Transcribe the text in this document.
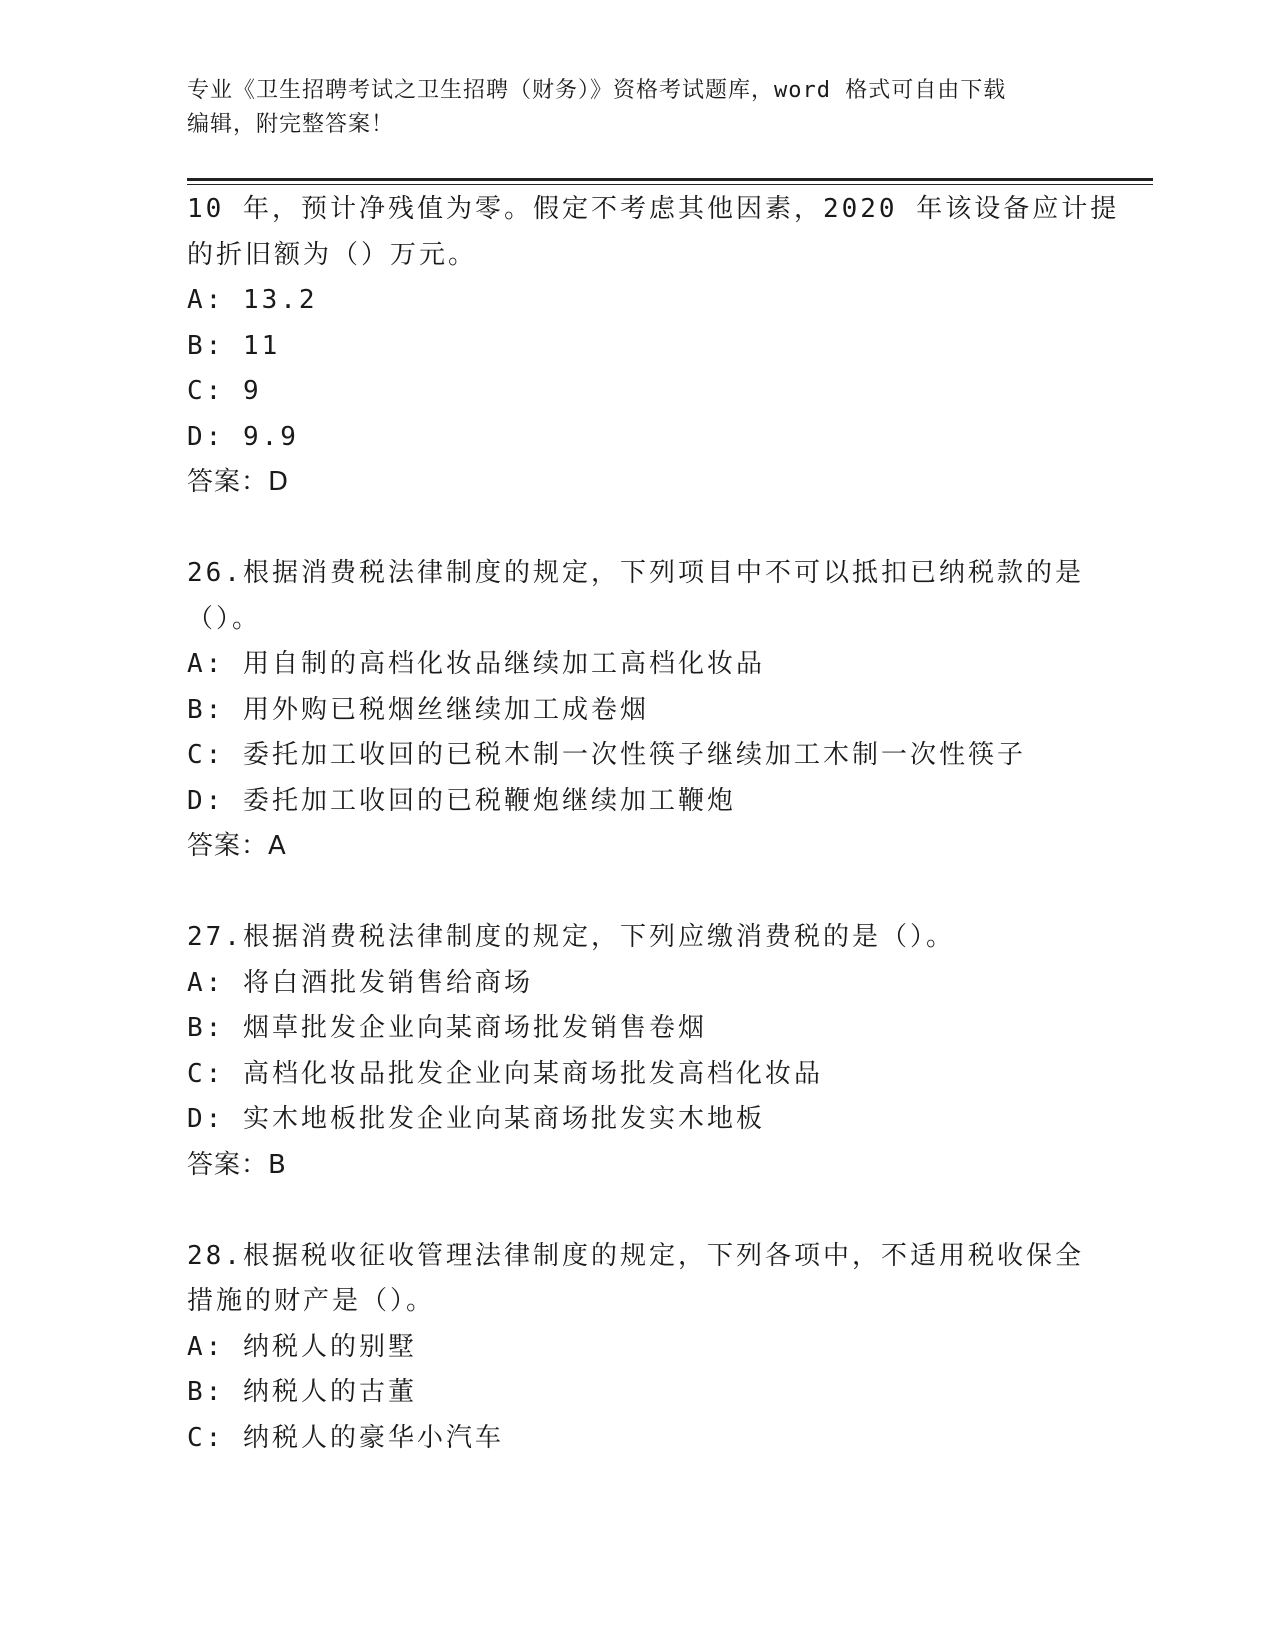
专业《卫生招聘考试之卫生招聘（财务）》资格考试题库，word 格式可自由下载
编辑，附完整答案！
10 年，预计净残值为零。假定不考虑其他因素，2020 年该设备应计提
的折旧额为（）万元。
A: 13.2
B: 11
C: 9
D: 9.9
答案：D
26.根据消费税法律制度的规定，下列项目中不可以抵扣已纳税款的是
（）。
A: 用自制的高档化妆品继续加工高档化妆品
B: 用外购已税烟丝继续加工成卷烟
C: 委托加工收回的已税木制一次性筷子继续加工木制一次性筷子
D: 委托加工收回的已税鞭炮继续加工鞭炮
答案：A
27.根据消费税法律制度的规定，下列应缴消费税的是（）。
A: 将白酒批发销售给商场
B: 烟草批发企业向某商场批发销售卷烟
C: 高档化妆品批发企业向某商场批发高档化妆品
D: 实木地板批发企业向某商场批发实木地板
答案：B
28.根据税收征收管理法律制度的规定，下列各项中，不适用税收保全
措施的财产是（）。
A: 纳税人的别墅
B: 纳税人的古董
C: 纳税人的豪华小汽车
